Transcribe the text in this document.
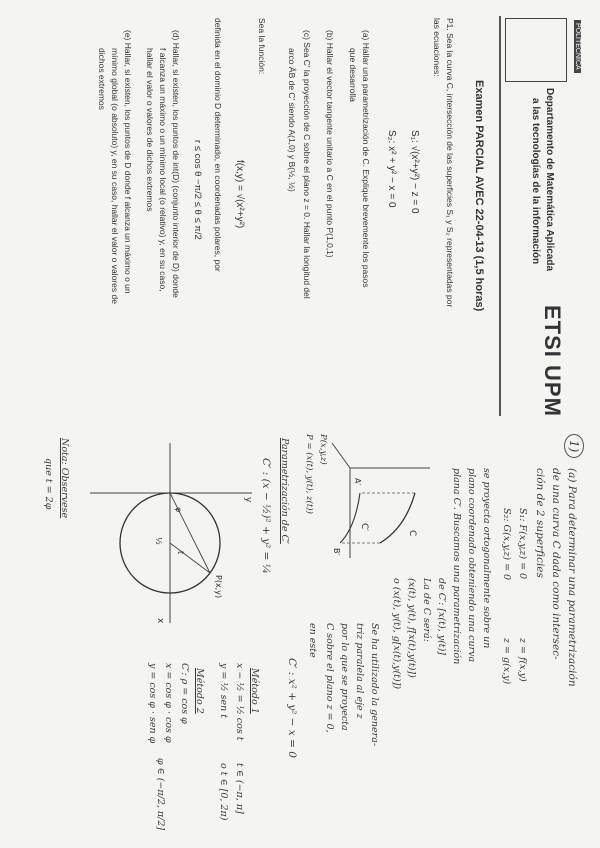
POLITÉCNICA
Departamento de Matemática Aplicada
a las tecnologías de la información
ETSI UPM
Examen PARCIAL AVEC 22-04-13 (1,5 horas)
P1. Sea la curva C, intersección de las superficies S₁ y S₂ representadas por
las ecuaciones:
S₁: √(x²+y²) − z = 0
S₂: x² + y² − x = 0
(a) Hallar una parametrización de C. Explique brevemente los pasos
que desarrolla
(b) Hallar el vector tangente unitario a C en el punto P(1,0,1)
(c) Sea C′ la proyección de C sobre el plano z = 0. Hallar la longitud del
arco ÂB de C′ siendo A(1,0) y B(½, ½)
Sea la función:
f(x,y) = √(x²+y²)
definida en el dominio D determinado, en coordenadas polares, por
r ≤ cos θ −π/2 ≤ θ ≤ π/2
(d) Hallar, si existen, los puntos de int(D) (conjunto interior de D) donde
f alcanza un máximo o un mínimo local (o relativo) y, en su caso,
hallar el valor o valores de dichos extremos
(e) Hallar, si existen, los puntos de D donde f alcanza un máximo o un
mínimo global (o absoluto) y, en su caso, hallar el valor o valores de
dichos extremos
1)
(a) Para determinar una parametrización
de una curva C dada como intersec-
ción de 2 superficies
S₁: F(x,y,z) = 0
S₂: G(x,y,z) = 0
z = f(x,y)
z = g(x,y)
se proyecta ortogonalmente sobre un
plano coordenado obteniendo una curva
plana C′. Buscamos una parametrización
de C′: [x(t), y(t)]
La de C será:
(x(t), y(t), f[x(t),y(t)])
o (x(t), y(t), g[x(t),y(t)])
C
C′
A′
B′
P(x,y,z)
P = (x(t), y(t), z(t))
Se ha utilizado la genera-
triz paralela al eje z
por lo que se proyecta
C sobre el plano z = 0,
en este
Parametrización de C′
C′ : (x − ½)² + y² = ¼
C′ : x² + y² − x = 0
Método 1
x − ½ = ½ cos t
y = ½ sen t
t ∈ (−π, π]
o t ∈ [0, 2π)
Método 2
C′: ρ = cos φ
x = cos φ · cos φ
y = cos φ · sen φ
φ ∈ (−π/2, π/2]
x
y
½
φ
t
P(x,y)
Nota: Observese
que t = 2φ
